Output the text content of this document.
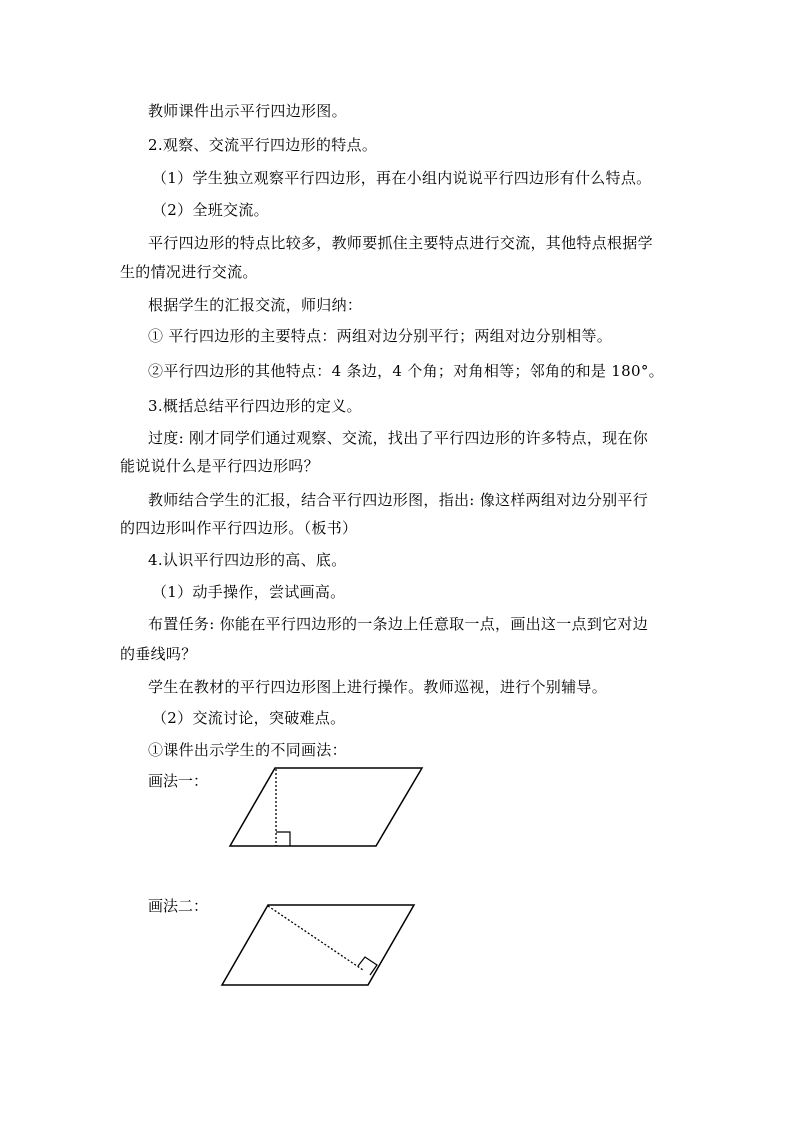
教师课件出示平行四边形图。
2.观察、交流平行四边形的特点。
（1）学生独立观察平行四边形，再在小组内说说平行四边形有什么特点。
（2）全班交流。
平行四边形的特点比较多，教师要抓住主要特点进行交流，其他特点根据学
生的情况进行交流。
根据学生的汇报交流，师归纳：
① 平行四边形的主要特点：两组对边分别平行；两组对边分别相等。
②平行四边形的其他特点：4 条边，4 个角；对角相等；邻角的和是 180°。
3.概括总结平行四边形的定义。
过度: 刚才同学们通过观察、交流，找出了平行四边形的许多特点，现在你
能说说什么是平行四边形吗？
教师结合学生的汇报，结合平行四边形图，指出: 像这样两组对边分别平行
的四边形叫作平行四边形。（板书）
4.认识平行四边形的高、底。
（1）动手操作，尝试画高。
布置任务: 你能在平行四边形的一条边上任意取一点，画出这一点到它对边
的垂线吗？
学生在教材的平行四边形图上进行操作。教师巡视，进行个别辅导。
（2）交流讨论，突破难点。
①课件出示学生的不同画法：
画法一：
画法二：
